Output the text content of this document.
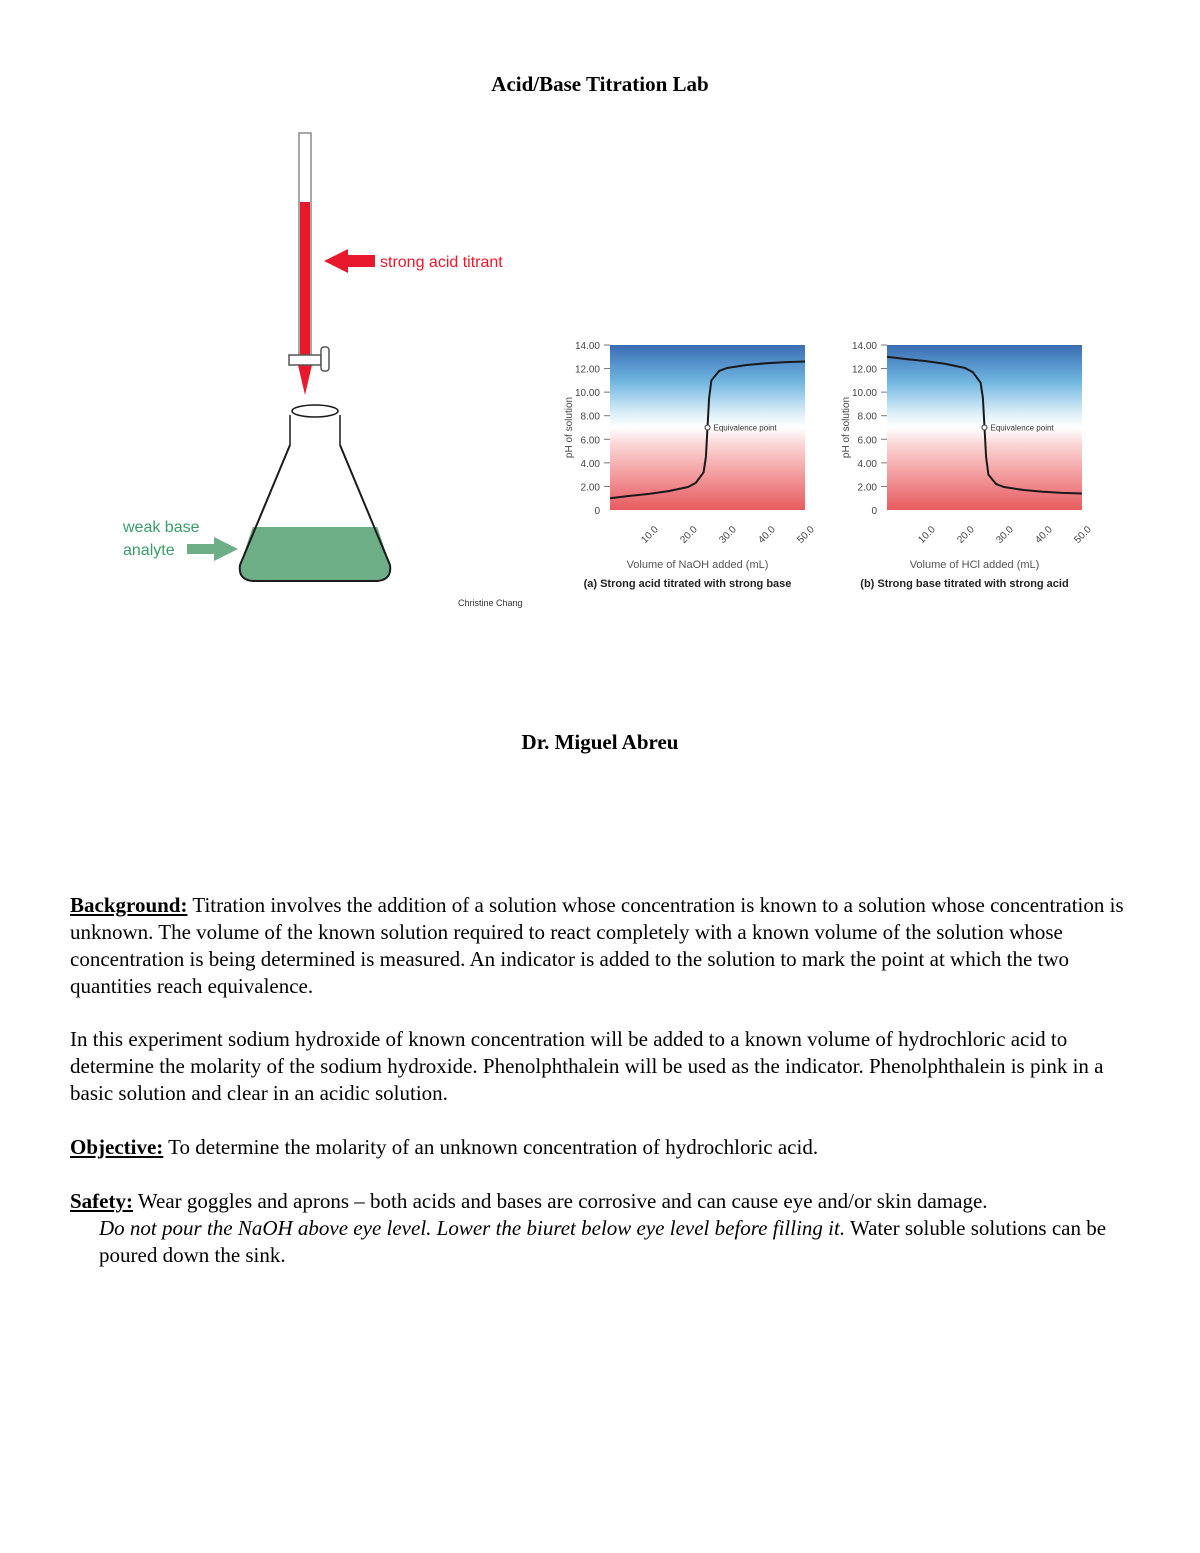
Acid/Base Titration Lab
strong acid titrant
weak base
analyte
0
2.00
4.00
6.00
8.00
10.00
12.00
14.00
10.0 20.0 30.0 40.0 50.0
pH of solution
Volume of NaOH added (mL)
(a) Strong acid titrated with strong base
Equivalence point
0
2.00
4.00
6.00
8.00
10.00
12.00
14.00
10.0 20.0 30.0 40.0 50.0
pH of solution
Volume of HCl added (mL)
(b) Strong base titrated with strong acid
Equivalence point
Christine Chang
Dr. Miguel Abreu
Background: Titration involves the addition of a solution whose concentration is known to a solution whose concentration is unknown. The volume of the known solution required to react completely with a known volume of the solution whose concentration is being determined is measured. An indicator is added to the solution to mark the point at which the two quantities reach equivalence.
In this experiment sodium hydroxide of known concentration will be added to a known volume of hydrochloric acid to determine the molarity of the sodium hydroxide. Phenolphthalein will be used as the indicator. Phenolphthalein is pink in a basic solution and clear in an acidic solution.
Objective: To determine the molarity of an unknown concentration of hydrochloric acid.
Safety: Wear goggles and aprons – both acids and bases are corrosive and can cause eye and/or skin damage.
Do not pour the NaOH above eye level. Lower the biuret below eye level before filling it. Water soluble solutions can be poured down the sink.
